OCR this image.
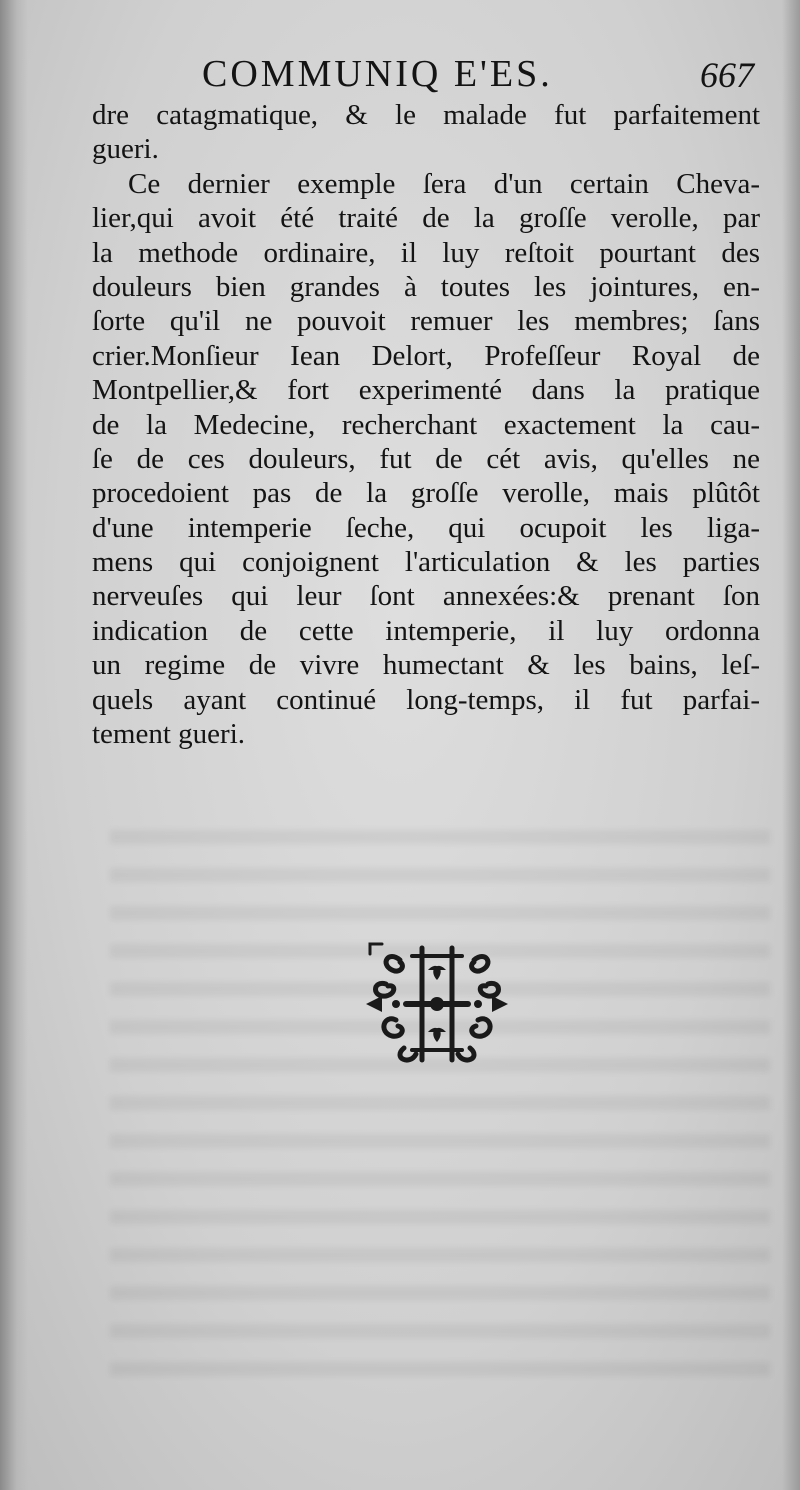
COMMUNIQ E'ES.	667
dre catagmatique, & le malade fut parfaitement
gueri.
Ce dernier exemple ſera d'un certain Cheva-
lier,qui avoit été traité de la groſſe verolle, par
la methode ordinaire, il luy reſtoit pourtant des
douleurs bien grandes à toutes les jointures, en-
ſorte qu'il ne pouvoit remuer les membres; ſans
crier.Monſieur Iean Delort, Profeſſeur Royal de
Montpellier,& fort experimenté dans la pratique
de la Medecine, recherchant exactement la cau-
ſe de ces douleurs, fut de cét avis, qu'elles ne
procedoient pas de la groſſe verolle, mais plûtôt
d'une intemperie ſeche, qui ocupoit les liga-
mens qui conjoignent l'articulation & les parties
nerveuſes qui leur ſont annexées:& prenant ſon
indication de cette intemperie, il luy ordonna
un regime de vivre humectant & les bains, leſ-
quels ayant continué long-temps, il fut parfai-
tement gueri.
